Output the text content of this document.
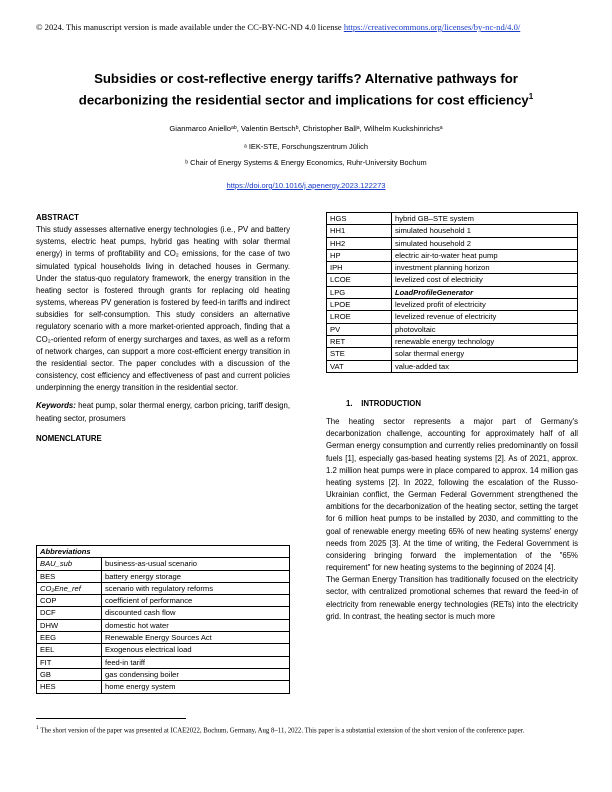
© 2024. This manuscript version is made available under the CC-BY-NC-ND 4.0 license https://creativecommons.org/licenses/by-nc-nd/4.0/
Subsidies or cost-reflective energy tariffs? Alternative pathways for decarbonizing the residential sector and implications for cost efficiency$^1$
Gianmarco Anielloᵃᵇ, Valentin Bertschᵇ, Christopher Ballᵃ, Wilhelm Kuckshinrichsᵃ
ᵃ IEK-STE, Forschungszentrum Jülich
ᵇ Chair of Energy Systems & Energy Economics, Ruhr-University Bochum
https://doi.org/10.1016/j.apenergy.2023.122273
ABSTRACT

This study assesses alternative energy technologies (i.e., PV and battery systems, electric heat pumps, hybrid gas heating with solar thermal energy) in terms of profitability and CO₂ emissions, for the case of two simulated typical households living in detached houses in Germany. Under the status-quo regulatory framework, the energy transition in the heating sector is fostered through grants for replacing old heating systems, whereas PV generation is fostered by feed-in tariffs and indirect subsidies for self-consumption. This study considers an alternative regulatory scenario with a more market-oriented approach, finding that a CO₂-oriented reform of energy surcharges and taxes, as well as a reform of network charges, can support a more cost-efficient energy transition in the residential sector. The paper concludes with a discussion of the consistency, cost efficiency and effectiveness of past and current policies underpinning the energy transition in the residential sector.

Keywords: heat pump, solar thermal energy, carbon pricing, tariff design, heating sector, prosumers

NOMENCLATURE
Abbreviations	
BAU_sub	business-as-usual scenario
BES	battery energy storage
CO₂Ene_ref	scenario with regulatory reforms
COP	coefficient of performance
DCF	discounted cash flow
DHW	domestic hot water
EEG	Renewable Energy Sources Act
EEL	Exogenous electrical load
FIT	feed-in tariff
GB	gas condensing boiler
HES	home energy system
HGS	hybrid GB–STE system
HH1	simulated household 1
HH2	simulated household 2
HP	electric air-to-water heat pump
IPH	investment planning horizon
LCOE	levelized cost of electricity
LPG	LoadProfileGenerator
LPOE	levelized profit of electricity
LROE	levelized revenue of electricity
PV	photovoltaic
RET	renewable energy technology
STE	solar thermal energy
VAT	value-added tax
1. INTRODUCTION

The heating sector represents a major part of Germany's decarbonization challenge, accounting for approximately half of all German energy consumption and currently relies predominantly on fossil fuels [1], especially gas-based heating systems [2]. As of 2021, approx. 1.2 million heat pumps were in place compared to approx. 14 million gas heating systems [2]. In 2022, following the escalation of the Russo-Ukrainian conflict, the German Federal Government strengthened the ambitions for the decarbonization of the heating sector, setting the target for 6 million heat pumps to be installed by 2030, and committing to the goal of renewable energy meeting 65% of new heating systems' energy needs from 2025 [3]. At the time of writing, the Federal Government is considering bringing forward the implementation of the "65% requirement" for new heating systems to the beginning of 2024 [4].

The German Energy Transition has traditionally focused on the electricity sector, with centralized promotional schemes that reward the feed-in of electricity from renewable energy technologies (RETs) into the electricity grid. In contrast, the heating sector is much more

$^1$ The short version of the paper was presented at ICAE2022, Bochum, Germany, Aug 8–11, 2022. This paper is a substantial extension of the short version of the conference paper.
